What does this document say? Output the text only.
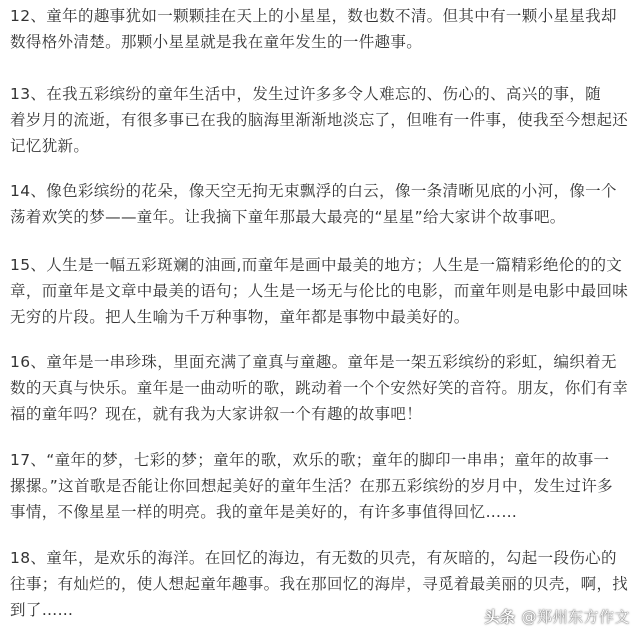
12、童年的趣事犹如一颗颗挂在天上的小星星，数也数不清。但其中有一颗小星星我却
数得格外清楚。那颗小星星就是我在童年发生的一件趣事。
13、在我五彩缤纷的童年生活中，发生过许多多令人难忘的、伤心的、高兴的事，随
着岁月的流逝，有很多事已在我的脑海里渐渐地淡忘了，但唯有一件事，使我至今想起还
记忆犹新。
14、像色彩缤纷的花朵，像天空无拘无束飘浮的白云，像一条清晰见底的小河，像一个
荡着欢笑的梦——童年。让我摘下童年那最大最亮的“星星”给大家讲个故事吧。
15、人生是一幅五彩斑斓的油画,而童年是画中最美的地方；人生是一篇精彩绝伦的的文
章，而童年是文章中最美的语句；人生是一场无与伦比的电影，而童年则是电影中最回味
无穷的片段。把人生喻为千万种事物，童年都是事物中最美好的。
16、童年是一串珍珠，里面充满了童真与童趣。童年是一架五彩缤纷的彩虹，编织着无
数的天真与快乐。童年是一曲动听的歌，跳动着一个个安然好笑的音符。朋友，你们有幸
福的童年吗？现在，就有我为大家讲叙一个有趣的故事吧！
17、“童年的梦，七彩的梦；童年的歌，欢乐的歌；童年的脚印一串串；童年的故事一
摞摞。”这首歌是否能让你回想起美好的童年生活？在那五彩缤纷的岁月中，发生过许多
事情，不像星星一样的明亮。我的童年是美好的，有许多事值得回忆……
18、童年，是欢乐的海洋。在回忆的海边，有无数的贝壳，有灰暗的，勾起一段伤心的
往事；有灿烂的，使人想起童年趣事。我在那回忆的海岸，寻觅着最美丽的贝壳，啊，找
到了……	头条 @郑州东方作文
